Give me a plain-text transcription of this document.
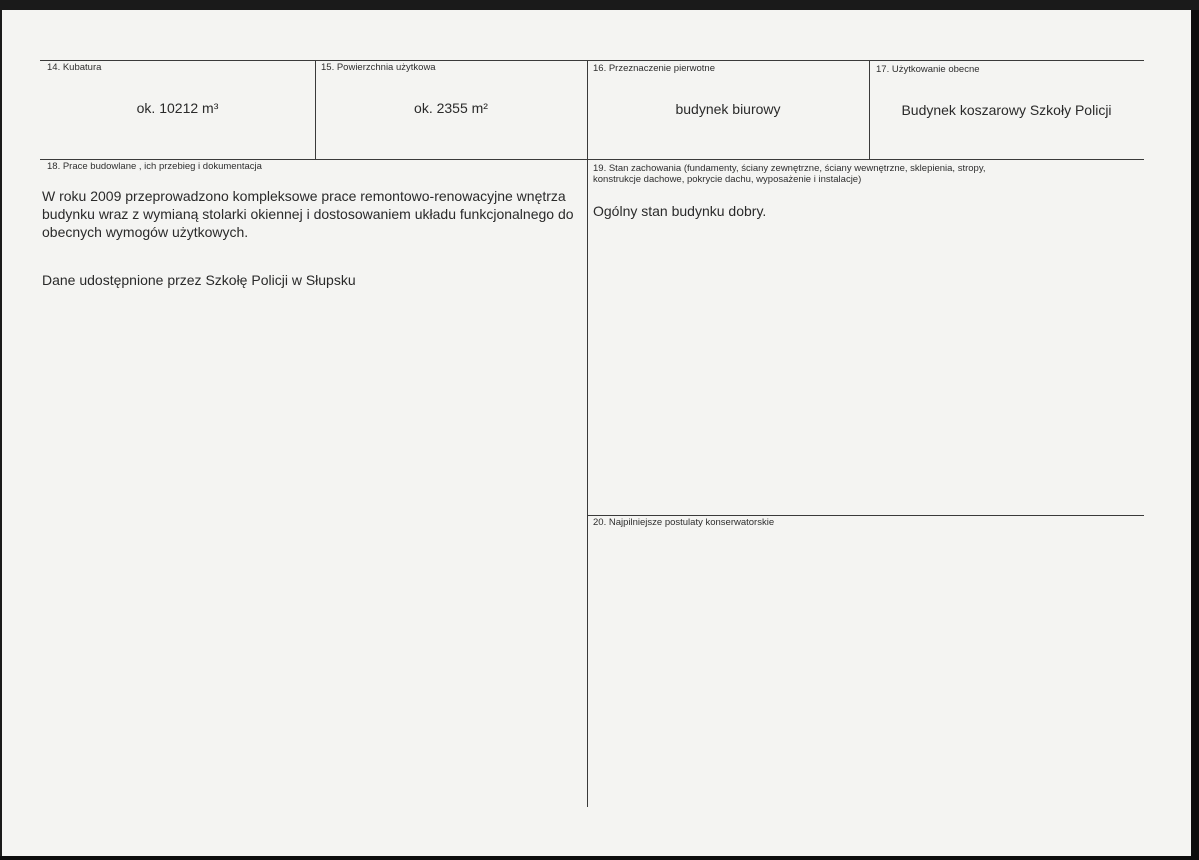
14. Kubatura
ok. 10212 m³
15. Powierzchnia użytkowa
ok. 2355 m²
16. Przeznaczenie pierwotne
budynek biurowy
17. Użytkowanie obecne
Budynek koszarowy Szkoły Policji
18. Prace budowlane , ich przebieg i dokumentacja

W roku 2009 przeprowadzono kompleksowe prace remontowo-renowacyjne wnętrza budynku wraz z wymianą stolarki okiennej i dostosowaniem układu funkcjonalnego do obecnych wymogów użytkowych.

Dane udostępnione przez Szkołę Policji w Słupsku

19. Stan zachowania (fundamenty, ściany zewnętrzne, ściany wewnętrzne, sklepienia, stropy,
konstrukcje dachowe, pokrycie dachu, wyposażenie i instalacje)
Ogólny stan budynku dobry.
20. Najpilniejsze postulaty konserwatorskie
